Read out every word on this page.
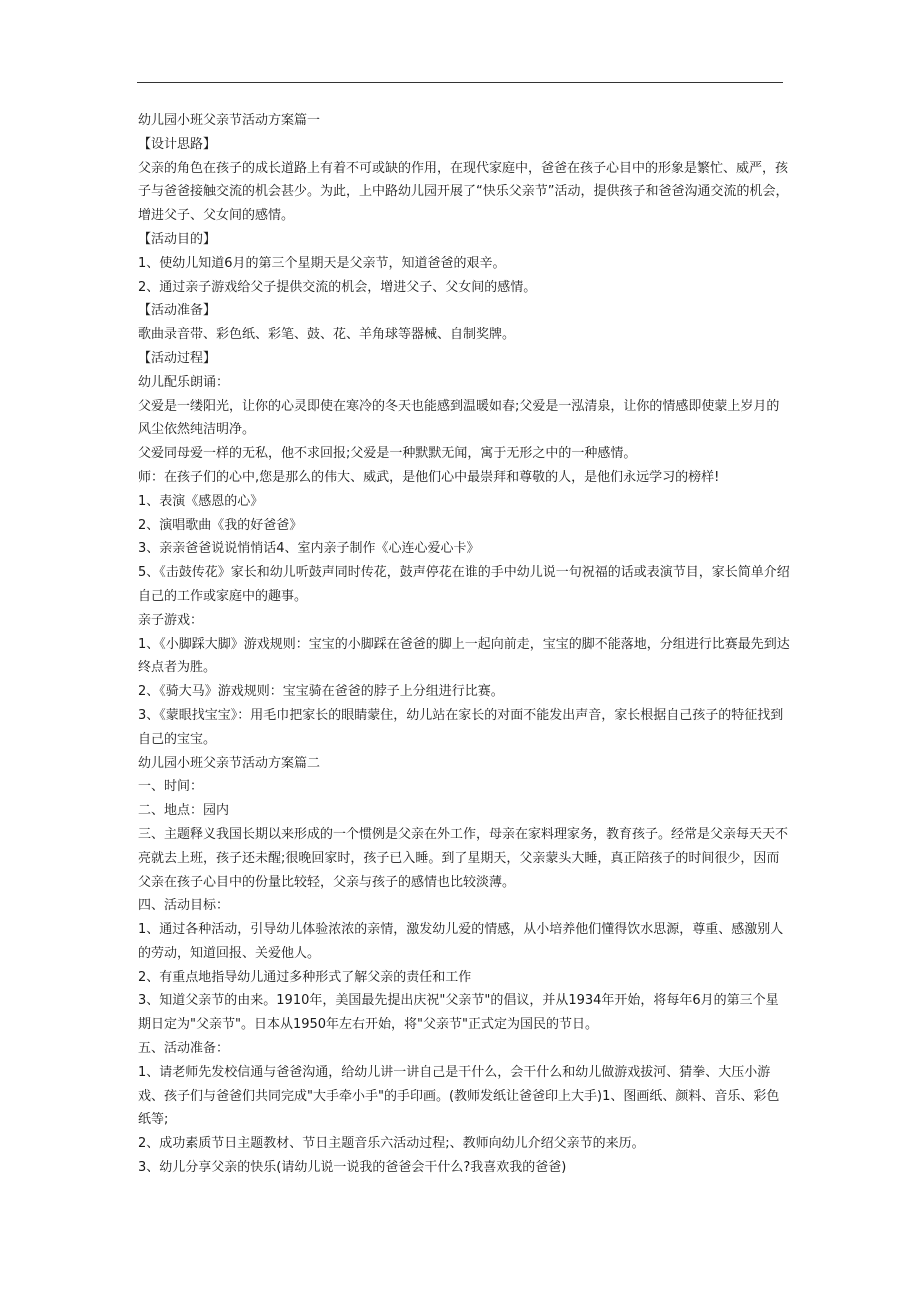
幼儿园小班父亲节活动方案篇一

【设计思路】

父亲的角色在孩子的成长道路上有着不可或缺的作用，在现代家庭中，爸爸在孩子心目中的形象是繁忙、威严，孩子与爸爸接触交流的机会甚少。为此，上中路幼儿园开展了“快乐父亲节”活动，提供孩子和爸爸沟通交流的机会，增进父子、父女间的感情。

【活动目的】

1、使幼儿知道6月的第三个星期天是父亲节，知道爸爸的艰辛。

2、通过亲子游戏给父子提供交流的机会，增进父子、父女间的感情。

【活动准备】

歌曲录音带、彩色纸、彩笔、鼓、花、羊角球等器械、自制奖牌。

【活动过程】

幼儿配乐朗诵：

父爱是一缕阳光，让你的心灵即使在寒冷的冬天也能感到温暖如春;父爱是一泓清泉，让你的情感即使蒙上岁月的风尘依然纯洁明净。

父爱同母爱一样的无私，他不求回报;父爱是一种默默无闻，寓于无形之中的一种感情。

师：在孩子们的心中,您是那么的伟大、威武，是他们心中最崇拜和尊敬的人，是他们永远学习的榜样!

1、表演《感恩的心》

2、演唱歌曲《我的好爸爸》

3、亲亲爸爸说说悄悄话4、室内亲子制作《心连心爱心卡》

5、《击鼓传花》家长和幼儿听鼓声同时传花，鼓声停花在谁的手中幼儿说一句祝福的话或表演节目，家长简单介绍自己的工作或家庭中的趣事。

亲子游戏：

1、《小脚踩大脚》游戏规则：宝宝的小脚踩在爸爸的脚上一起向前走，宝宝的脚不能落地，分组进行比赛最先到达终点者为胜。

2、《骑大马》游戏规则：宝宝骑在爸爸的脖子上分组进行比赛。

3、《蒙眼找宝宝》：用毛巾把家长的眼睛蒙住，幼儿站在家长的对面不能发出声音，家长根据自己孩子的特征找到自己的宝宝。

幼儿园小班父亲节活动方案篇二

一、时间：

二、地点：园内

三、主题释义我国长期以来形成的一个惯例是父亲在外工作，母亲在家料理家务，教育孩子。经常是父亲每天天不亮就去上班，孩子还未醒;很晚回家时，孩子已入睡。到了星期天，父亲蒙头大睡，真正陪孩子的时间很少，因而父亲在孩子心目中的份量比较轻，父亲与孩子的感情也比较淡薄。

四、活动目标：

1、通过各种活动，引导幼儿体验浓浓的亲情，激发幼儿爱的情感，从小培养他们懂得饮水思源，尊重、感激别人的劳动，知道回报、关爱他人。

2、有重点地指导幼儿通过多种形式了解父亲的责任和工作

3、知道父亲节的由来。1910年，美国最先提出庆祝"父亲节"的倡议，并从1934年开始，将每年6月的第三个星期日定为"父亲节"。日本从1950年左右开始，将"父亲节"正式定为国民的节日。

五、活动准备：

1、请老师先发校信通与爸爸沟通，给幼儿讲一讲自己是干什么，会干什么和幼儿做游戏拔河、猜拳、大压小游戏、孩子们与爸爸们共同完成"大手牵小手"的手印画。(教师发纸让爸爸印上大手)1、图画纸、颜料、音乐、彩色纸等;

2、成功素质节日主题教材、节日主题音乐六活动过程;、教师向幼儿介绍父亲节的来历。

3、幼儿分享父亲的快乐(请幼儿说一说我的爸爸会干什么?我喜欢我的爸爸)
